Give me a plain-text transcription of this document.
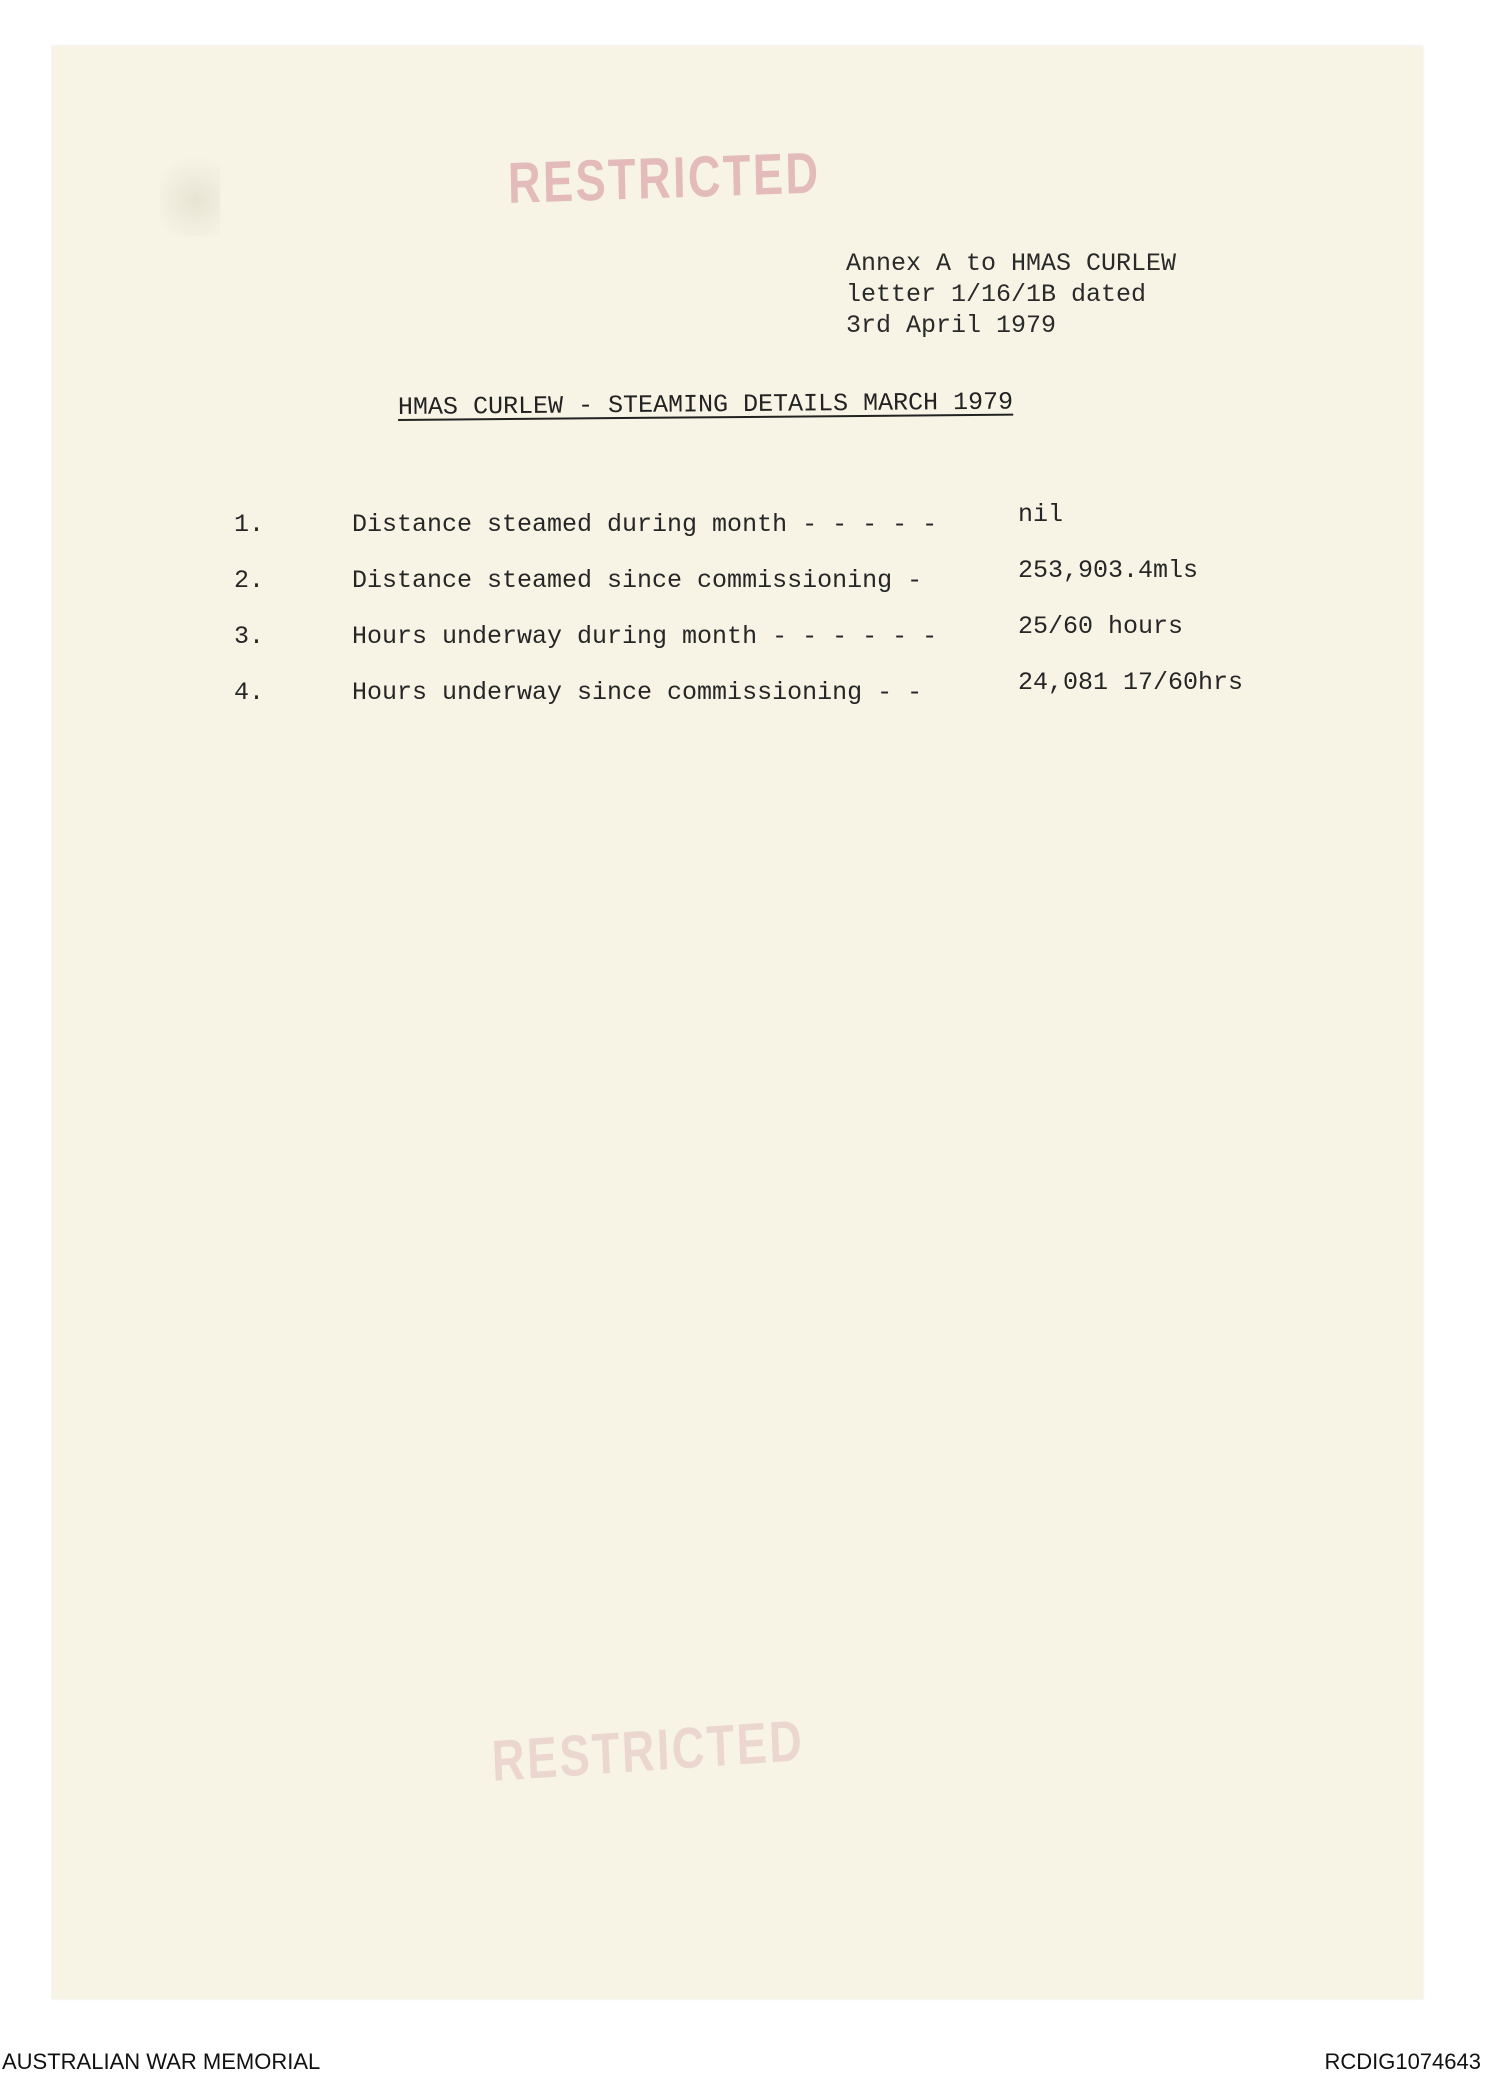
RESTRICTED
Annex A to HMAS CURLEW
letter 1/16/1B dated
3rd April 1979
HMAS CURLEW - STEAMING DETAILS MARCH 1979
1.	Distance steamed during month - - - - -	nil
2.	Distance steamed since commissioning -	253,903.4mls
3.	Hours underway during month - - - - - -	25/60 hours
4.	Hours underway since commissioning - -	24,081 17/60hrs
RESTRICTED
AUSTRALIAN WAR MEMORIAL	RCDIG1074643
